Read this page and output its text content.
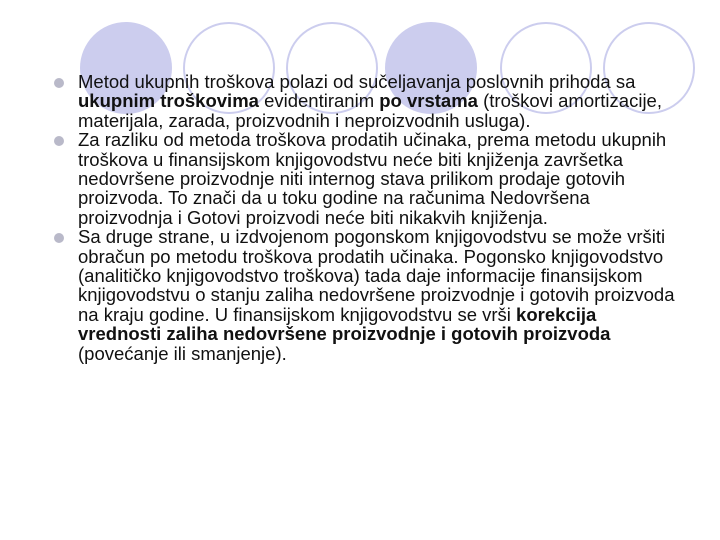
Metod ukupnih troškova polazi od sučeljavanja poslovnih prihoda sa ukupnim troškovima evidentiranim po vrstama (troškovi amortizacije, materijala, zarada, proizvodnih i neproizvodnih usluga).
Za razliku od metoda troškova prodatih učinaka, prema metodu ukupnih troškova u finansijskom knjigovodstvu neće biti knjiženja završetka nedovršene proizvodnje niti internog stava prilikom prodaje gotovih proizvoda. To znači da u toku godine na računima Nedovršena proizvodnja i Gotovi proizvodi neće biti nikakvih knjiženja.
Sa druge strane, u izdvojenom pogonskom knjigovodstvu se može vršiti obračun po metodu troškova prodatih učinaka. Pogonsko knjigovodstvo (analitičko knjigovodstvo troškova) tada daje informacije finansijskom knjigovodstvu o stanju zaliha nedovršene proizvodnje i gotovih proizvoda na kraju godine. U finansijskom knjigovodstvu se vrši korekcija vrednosti zaliha nedovršene proizvodnje i gotovih proizvoda (povećanje ili smanjenje).
